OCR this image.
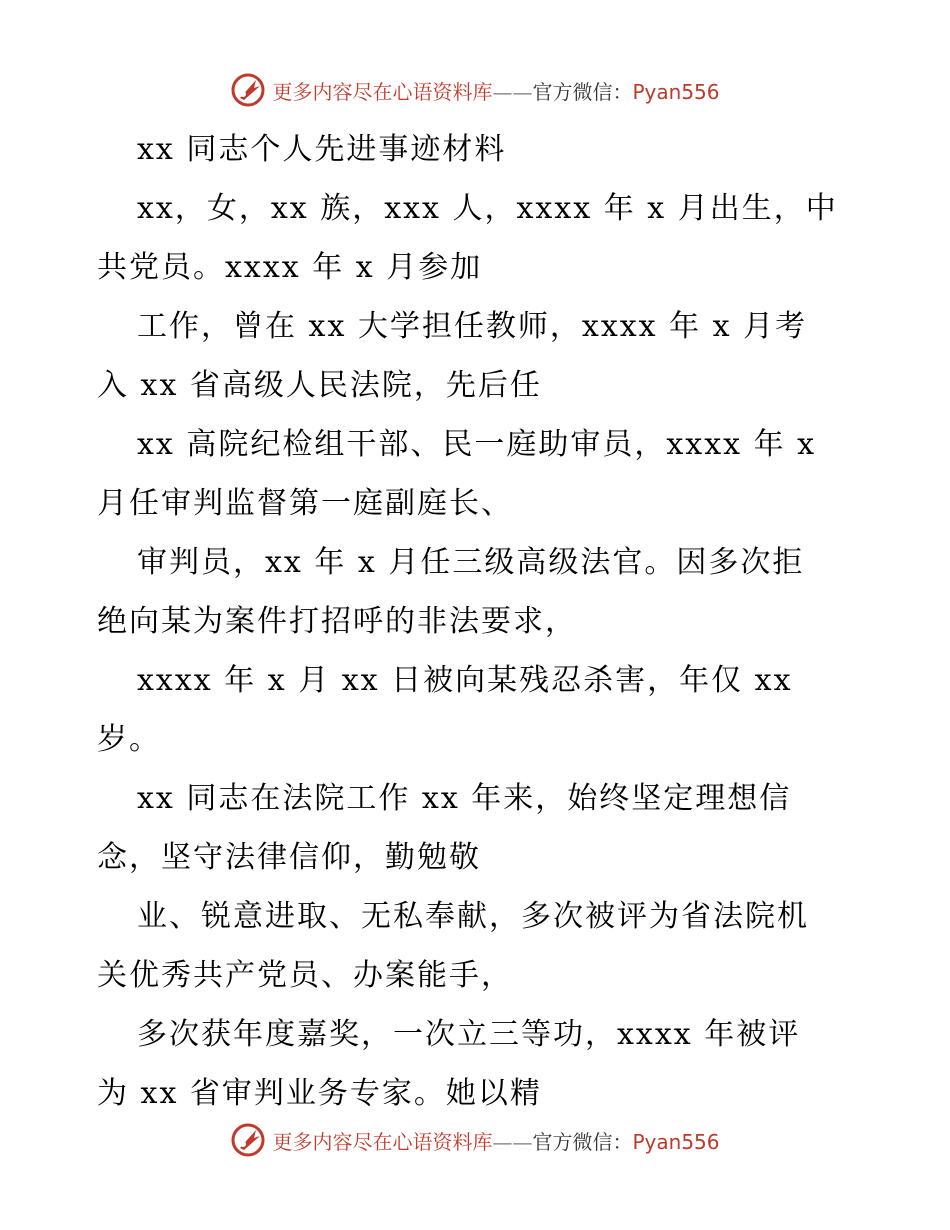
更多内容尽在心语资料库——官方微信：Pyan556
xx 同志个人先进事迹材料
xx，女，xx 族，xxx 人，xxxx 年 x 月出生，中
共党员。xxxx 年 x 月参加
工作，曾在 xx 大学担任教师，xxxx 年 x 月考
入 xx 省高级人民法院，先后任
xx 高院纪检组干部、民一庭助审员，xxxx 年 x
月任审判监督第一庭副庭长、
审判员，xx 年 x 月任三级高级法官。因多次拒
绝向某为案件打招呼的非法要求，
xxxx 年 x 月 xx 日被向某残忍杀害，年仅 xx
岁。
xx 同志在法院工作 xx 年来，始终坚定理想信
念，坚守法律信仰，勤勉敬
业、锐意进取、无私奉献，多次被评为省法院机
关优秀共产党员、办案能手，
多次获年度嘉奖，一次立三等功，xxxx 年被评
为 xx 省审判业务专家。她以精
更多内容尽在心语资料库——官方微信：Pyan556
